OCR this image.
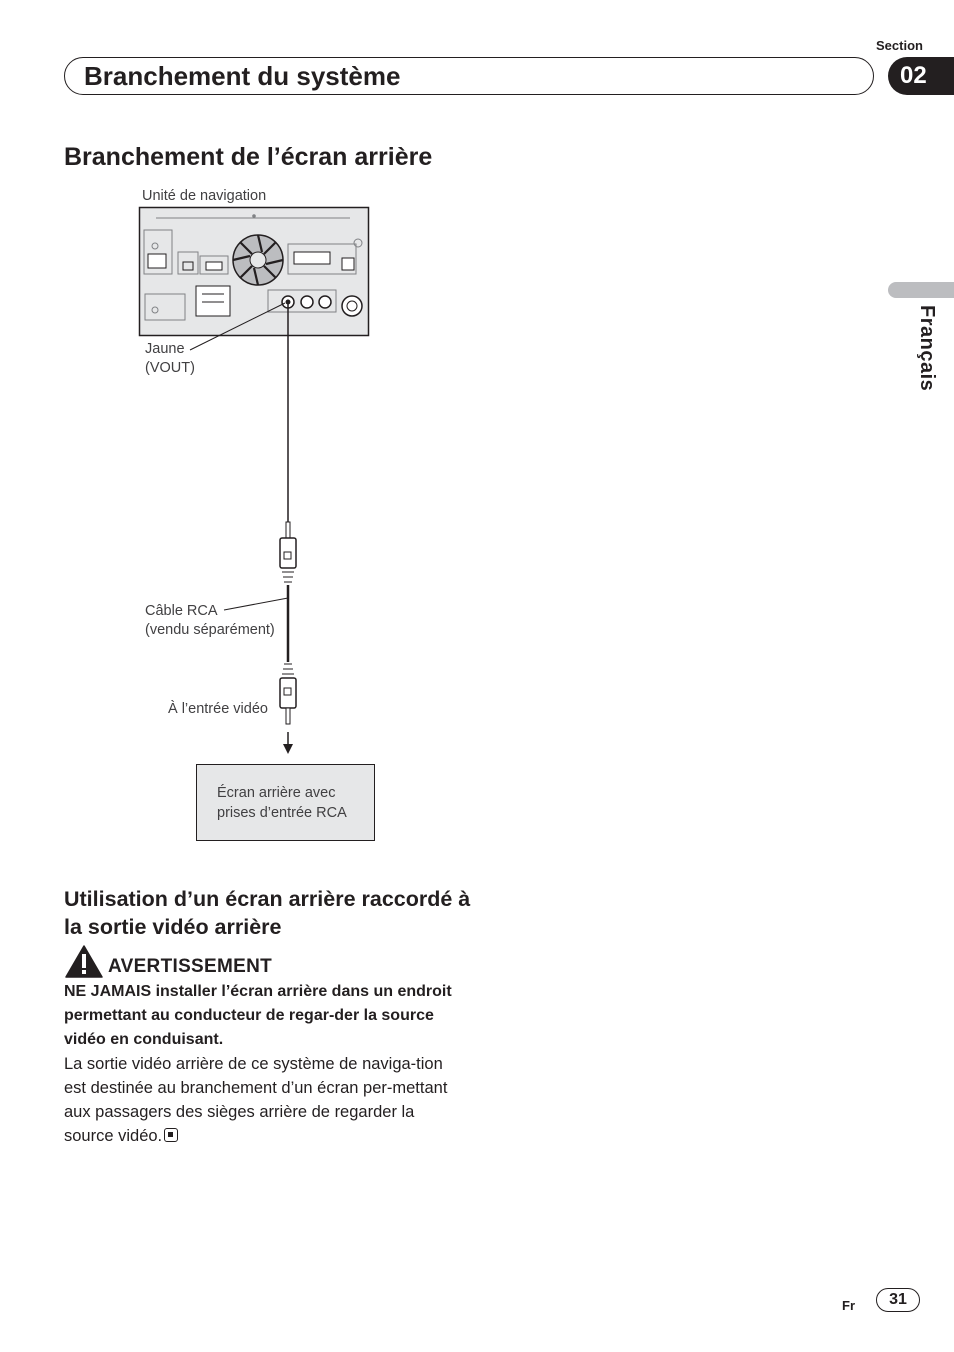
Section
Branchement du système	02
Français
Branchement de l’écran arrière
Unité de navigation
Jaune
(VOUT)
Câble RCA
(vendu séparément)
À l’entrée vidéo
Écran arrière avec
prises d’entrée RCA
Utilisation d’un écran arrière raccordé à la sortie vidéo arrière
AVERTISSEMENT
NE JAMAIS installer l’écran arrière dans un endroit permettant au conducteur de regar-der la source vidéo en conduisant.
La sortie vidéo arrière de ce système de naviga-tion est destinée au branchement d’un écran per-mettant aux passagers des sièges arrière de regarder la source vidéo.
Fr	31
